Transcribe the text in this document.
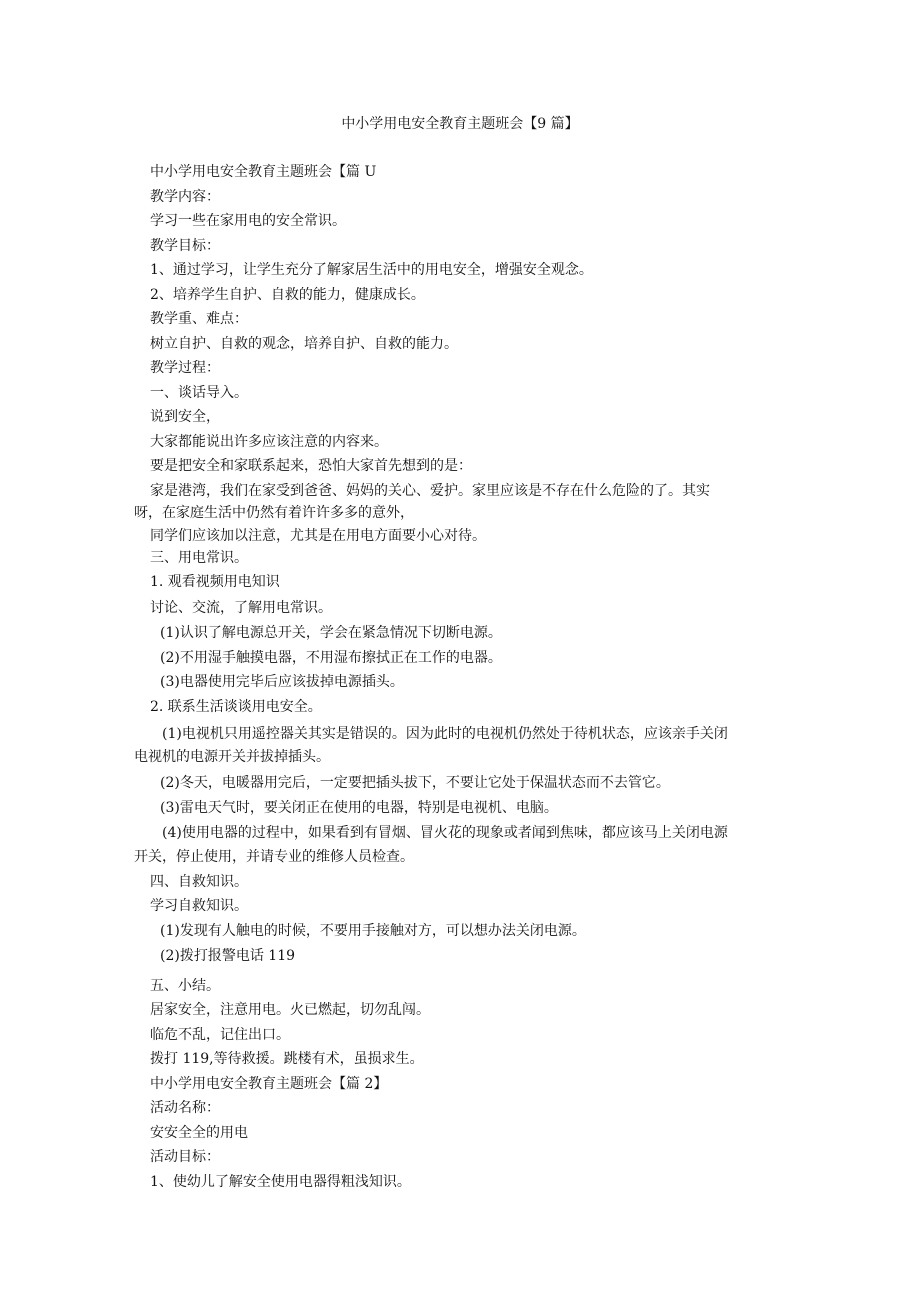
中小学用电安全教育主题班会【9 篇】
中小学用电安全教育主题班会【篇 U
教学内容：
学习一些在家用电的安全常识。
教学目标：
1、通过学习，让学生充分了解家居生活中的用电安全，增强安全观念。
2、培养学生自护、自救的能力，健康成长。
教学重、难点：
树立自护、自救的观念，培养自护、自救的能力。
教学过程：
一、谈话导入。
说到安全，
大家都能说出许多应该注意的内容来。
要是把安全和家联系起来，恐怕大家首先想到的是：
家是港湾，我们在家受到爸爸、妈妈的关心、爱护。家里应该是不存在什么危险的了。其实
呀，在家庭生活中仍然有着许许多多的意外，
同学们应该加以注意，尤其是在用电方面要小心对待。
三、用电常识。
1. 观看视频用电知识
讨论、交流，了解用电常识。
(1)认识了解电源总开关，学会在紧急情况下切断电源。
(2)不用湿手触摸电器，不用湿布擦拭正在工作的电器。
(3)电器使用完毕后应该拔掉电源插头。
2. 联系生活谈谈用电安全。
(1)电视机只用遥控器关其实是错误的。因为此时的电视机仍然处于待机状态，应该亲手关闭
电视机的电源开关并拔掉插头。
(2)冬天，电暖器用完后，一定要把插头拔下，不要让它处于保温状态而不去管它。
(3)雷电天气时，要关闭正在使用的电器，特别是电视机、电脑。
(4)使用电器的过程中，如果看到有冒烟、冒火花的现象或者闻到焦味，都应该马上关闭电源
开关，停止使用，并请专业的维修人员检查。
四、自救知识。
学习自救知识。
(1)发现有人触电的时候，不要用手接触对方，可以想办法关闭电源。
(2)拨打报警电话 119
五、小结。
居家安全，注意用电。火已燃起，切勿乱闯。
临危不乱，记住出口。
拨打 119,等待救援。跳楼有术，虽损求生。
中小学用电安全教育主题班会【篇 2】
活动名称：
安安全全的用电
活动目标：
1、使幼儿了解安全使用电器得粗浅知识。
